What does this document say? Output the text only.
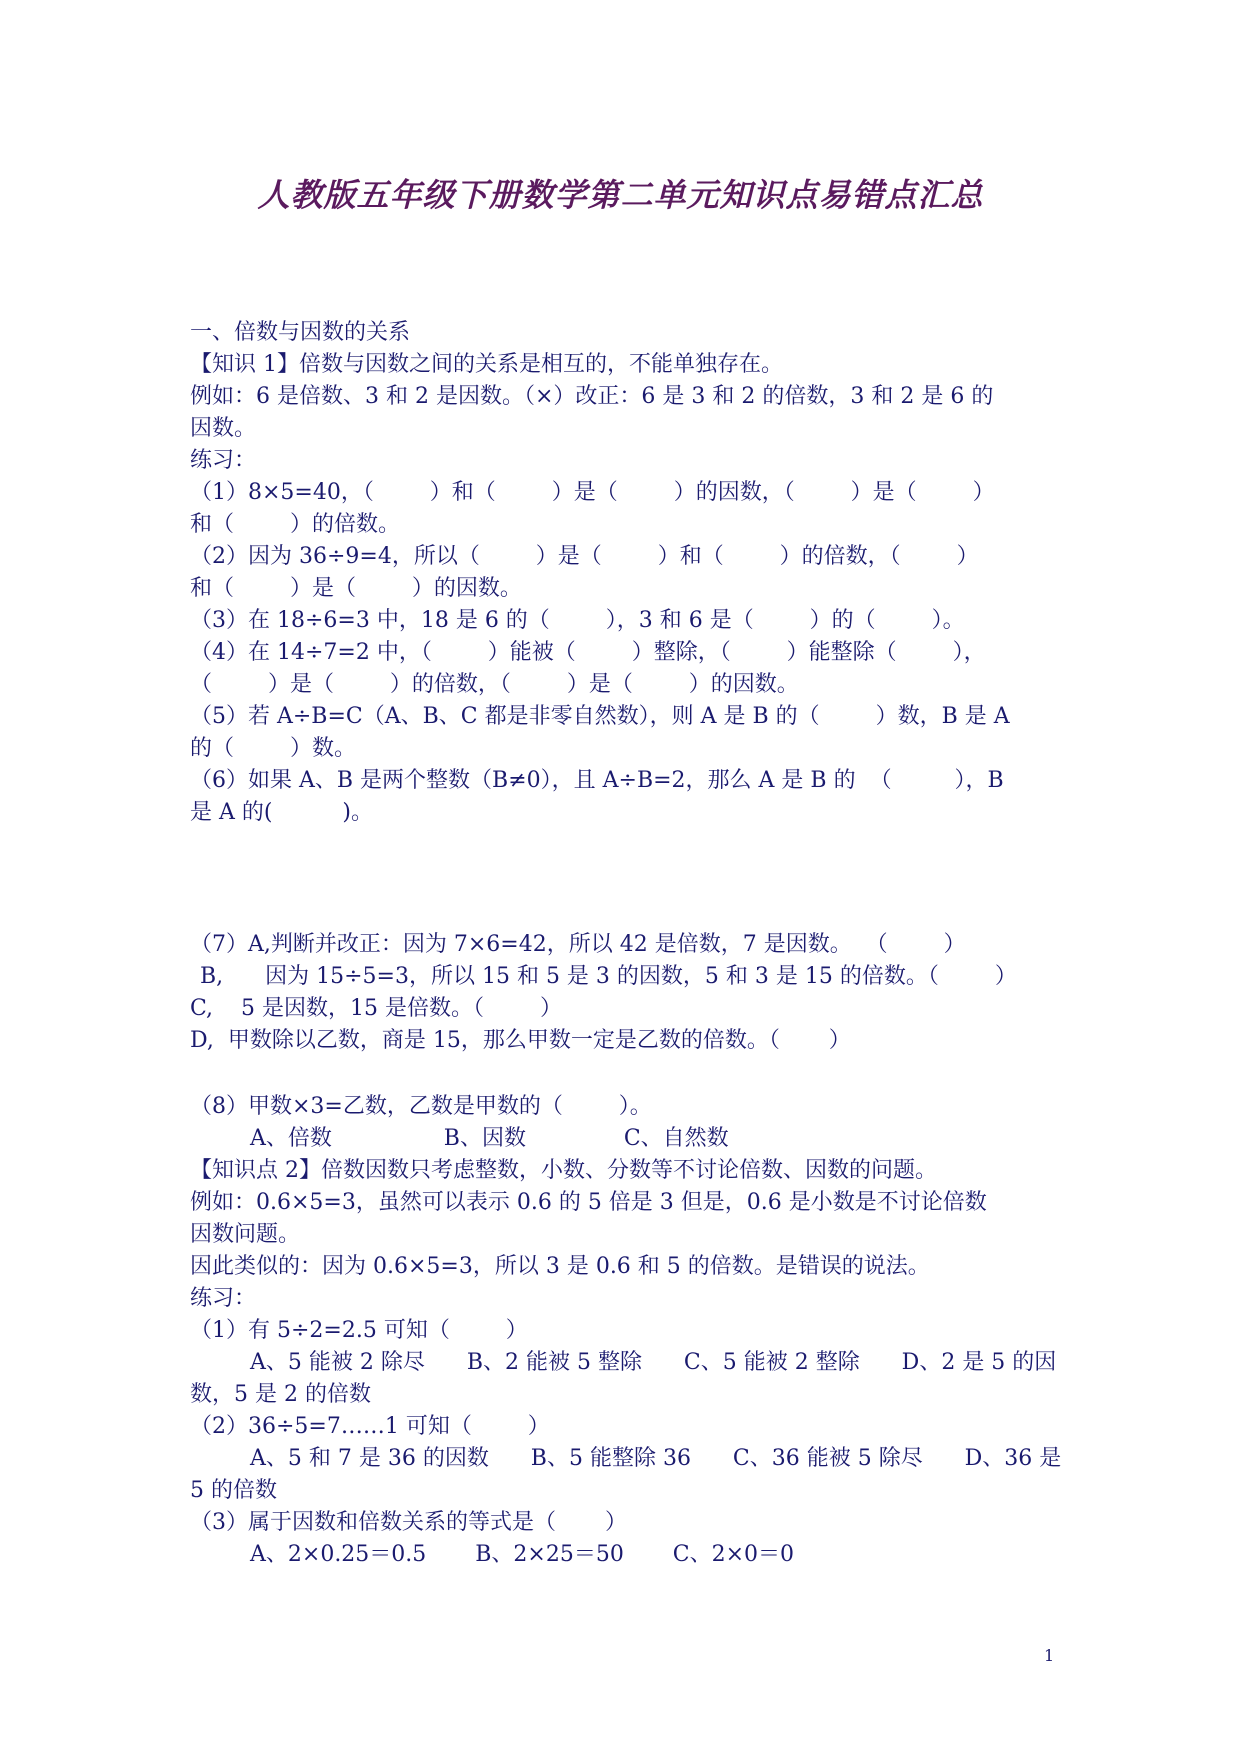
人教版五年级下册数学第二单元知识点易错点汇总
一、倍数与因数的关系
【知识 1】倍数与因数之间的关系是相互的，不能单独存在。
例如：6 是倍数、3 和 2 是因数。（×）改正：6 是 3 和 2 的倍数，3 和 2 是 6 的
因数。
练习：
（1）8×5=40，（        ）和（        ）是（        ）的因数，（        ）是（        ）
和（        ）的倍数。
（2）因为 36÷9=4，所以（        ）是（        ）和（        ）的倍数，（        ）
和（        ）是（        ）的因数。
（3）在 18÷6=3 中，18 是 6 的（        ），3 和 6 是（        ）的（        ）。
（4）在 14÷7=2 中，（        ）能被（        ）整除，（        ）能整除（        ），
（        ）是（        ）的倍数，（        ）是（        ）的因数。
（5）若 A÷B=C（A、B、C 都是非零自然数），则 A 是 B 的（        ）数，B 是 A
的（        ）数。
（6）如果 A、B 是两个整数（B≠0），且 A÷B=2，那么 A 是 B 的  （         ），B
是 A 的(          )。
（7）A,判断并改正：因为 7×6=42，所以 42 是倍数，7 是因数。  （        ）
B,      因为 15÷5=3，所以 15 和 5 是 3 的因数，5 和 3 是 15 的倍数。（        ）
C,    5 是因数，15 是倍数。（        ）
D,  甲数除以乙数，商是 15，那么甲数一定是乙数的倍数。（       ）
（8）甲数×3=乙数，乙数是甲数的（        ）。
A、倍数                B、因数              C、自然数
【知识点 2】倍数因数只考虑整数，小数、分数等不讨论倍数、因数的问题。
例如：0.6×5=3，虽然可以表示 0.6 的 5 倍是 3 但是，0.6 是小数是不讨论倍数
因数问题。
因此类似的：因为 0.6×5=3，所以 3 是 0.6 和 5 的倍数。是错误的说法。
练习：
（1）有 5÷2=2.5 可知（        ）
A、5 能被 2 除尽      B、2 能被 5 整除      C、5 能被 2 整除      D、2 是 5 的因
数，5 是 2 的倍数
（2）36÷5=7……1 可知（        ）
A、5 和 7 是 36 的因数      B、5 能整除 36      C、36 能被 5 除尽      D、36 是
5 的倍数
（3）属于因数和倍数关系的等式是（       ）
A、2×0.25＝0.5       B、2×25＝50       C、2×0＝0
1
